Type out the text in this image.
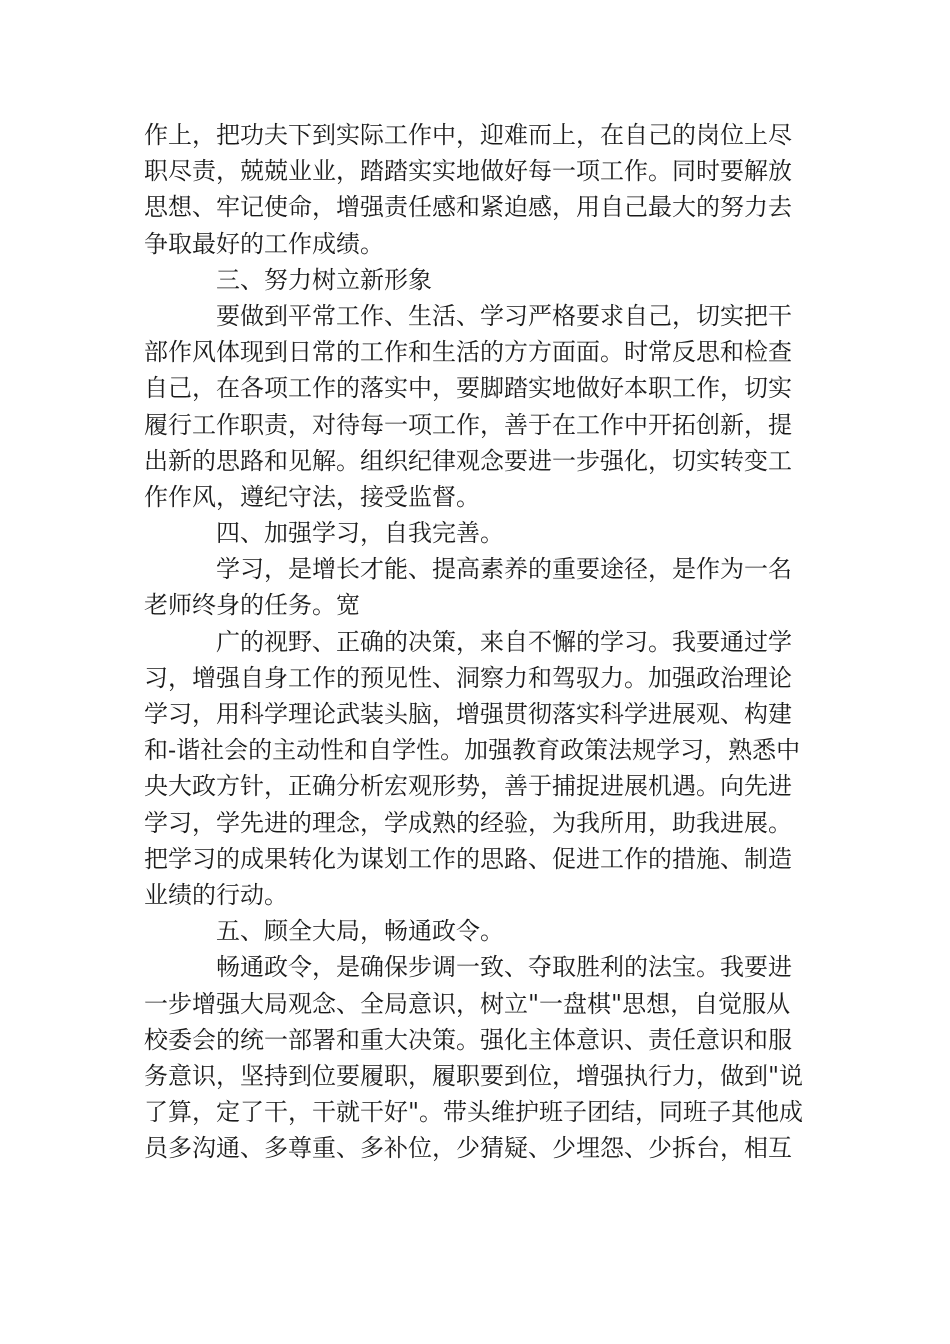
作上，把功夫下到实际工作中，迎难而上，在自己的岗位上尽
职尽责，兢兢业业，踏踏实实地做好每一项工作。同时要解放
思想、牢记使命，增强责任感和紧迫感，用自己最大的努力去
争取最好的工作成绩。
三、努力树立新形象
要做到平常工作、生活、学习严格要求自己，切实把干
部作风体现到日常的工作和生活的方方面面。时常反思和检查
自己，在各项工作的落实中，要脚踏实地做好本职工作，切实
履行工作职责，对待每一项工作，善于在工作中开拓创新，提
出新的思路和见解。组织纪律观念要进一步强化，切实转变工
作作风，遵纪守法，接受监督。
四、加强学习，自我完善。
学习，是增长才能、提高素养的重要途径，是作为一名
老师终身的任务。宽
广的视野、正确的决策，来自不懈的学习。我要通过学
习，增强自身工作的预见性、洞察力和驾驭力。加强政治理论
学习，用科学理论武装头脑，增强贯彻落实科学进展观、构建
和-谐社会的主动性和自学性。加强教育政策法规学习，熟悉中
央大政方针，正确分析宏观形势，善于捕捉进展机遇。向先进
学习，学先进的理念，学成熟的经验，为我所用，助我进展。
把学习的成果转化为谋划工作的思路、促进工作的措施、制造
业绩的行动。
五、顾全大局，畅通政令。
畅通政令，是确保步调一致、夺取胜利的法宝。我要进
一步增强大局观念、全局意识，树立"一盘棋"思想，自觉服从
校委会的统一部署和重大决策。强化主体意识、责任意识和服
务意识，坚持到位要履职，履职要到位，增强执行力，做到"说
了算，定了干，干就干好"。带头维护班子团结，同班子其他成
员多沟通、多尊重、多补位，少猜疑、少埋怨、少拆台，相互
